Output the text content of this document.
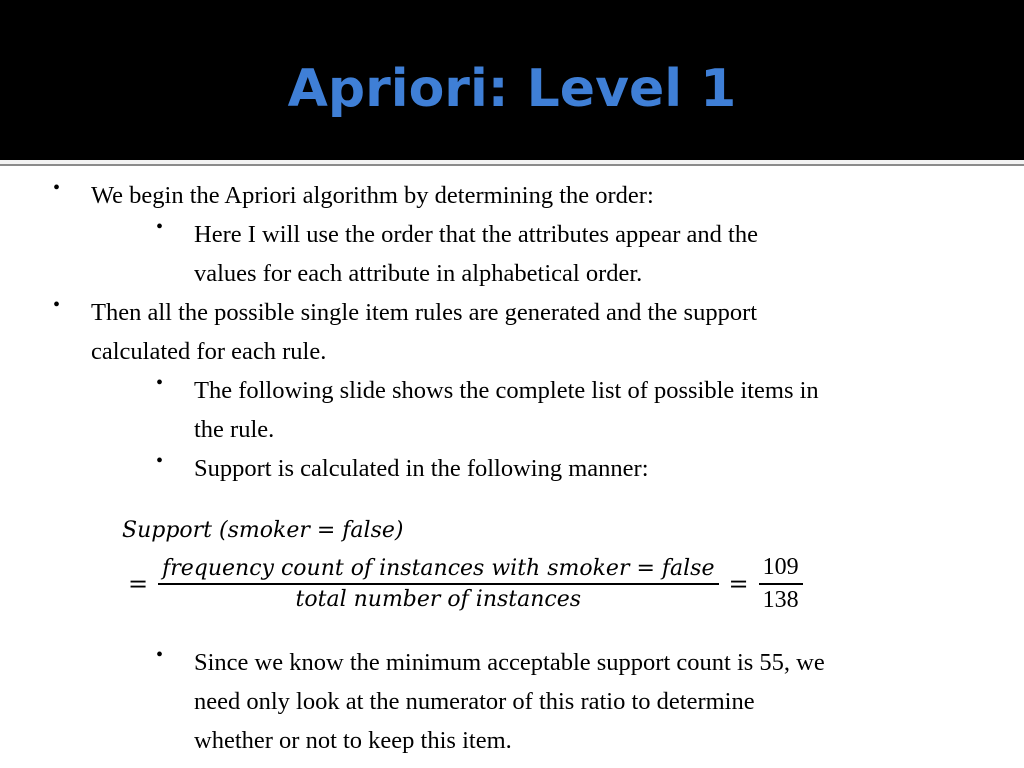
Apriori: Level 1
• We begin the Apriori algorithm by determining the order:
• Here I will use the order that the attributes appear and the
values for each attribute in alphabetical order.
• Then all the possible single item rules are generated and the support
calculated for each rule.
• The following slide shows the complete list of possible items in
the rule.
• Support is calculated in the following manner:
Support (smoker = false)
= $\frac{\text{frequency count of instances with smoker = false}}{\text{total number of instances}} = \frac{109}{138}$
• Since we know the minimum acceptable support count is 55, we
need only look at the numerator of this ratio to determine
whether or not to keep this item.
